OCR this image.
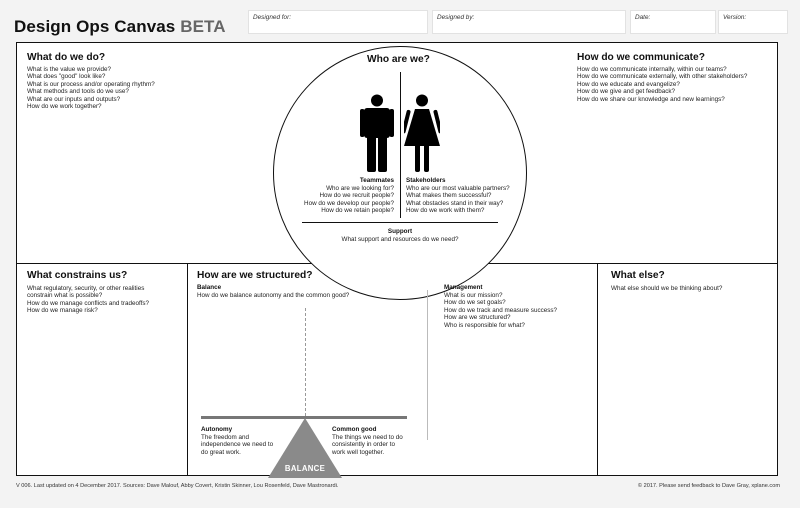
Design Ops Canvas BETA	Designed for:	Designed by:	Date:	Version:
What do we do?
What is the value we provide?
What does "good" look like?
What is our process and/or operating rhythm?
What methods and tools do we use?
What are our inputs and outputs?
How do we work together?
How do we communicate?
How do we communicate internally, within our teams?
How do we communicate externally, with other stakeholders?
How do we educate and evangelize?
How do we give and get feedback?
How do we share our knowledge and new learnings?
Who are we?
Teammates
Who are we looking for?
How do we recruit people?
How do we develop our people?
How do we retain people?
Stakeholders
Who are our most valuable partners?
What makes them successful?
What obstacles stand in their way?
How do we work with them?
Support
What support and resources do we need?
What constrains us?
What regulatory, security, or other realities
constrain what is possible?
How do we manage conflicts and tradeoffs?
How do we manage risk?
How are we structured?
Balance
How do we balance autonomy and the common good?
BALANCE
Autonomy
The freedom and
independence we need to
do great work.
Common good
The things we need to do
consistently in order to
work well together.
Management
What is our mission?
How do we set goals?
How do we track and measure success?
How are we structured?
Who is responsible for what?
What else?
What else should we be thinking about?
V 006. Last updated on 4 December 2017. Sources: Dave Malouf, Abby Covert, Kristin Skinner, Lou Rosenfeld, Dave Mastronardi.	© 2017. Please send feedback to Dave Gray, xplane.com
